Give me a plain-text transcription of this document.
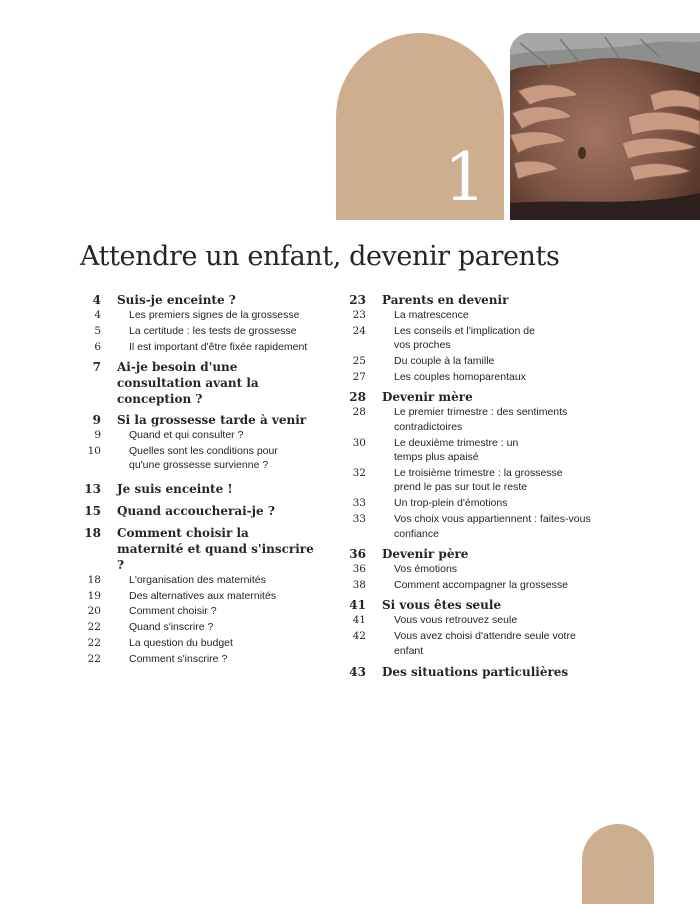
1
Attendre un enfant, devenir parents
4 Suis-je enceinte ?
4	Les premiers signes de la grossesse
5	La certitude : les tests de grossesse
6	Il est important d'être fixée rapidement
7 Ai-je besoin d'une consultation avant la conception ?
9 Si la grossesse tarde à venir
9	Quand et qui consulter ?
10	Quelles sont les conditions pour qu'une grossesse survienne ?
13 Je suis enceinte !
15 Quand accoucherai-je ?
18 Comment choisir la maternité et quand s'inscrire ?
18	L'organisation des maternités
19	Des alternatives aux maternités
20	Comment choisir ?
22	Quand s'inscrire ?
22	La question du budget
22	Comment s'inscrire ?
23 Parents en devenir
23	La matrescence
24	Les conseils et l'implication de vos proches
25	Du couple à la famille
27	Les couples homoparentaux
28 Devenir mère
28	Le premier trimestre : des sentiments contradictoires
30	Le deuxième trimestre : un temps plus apaisé
32	Le troisième trimestre : la grossesse prend le pas sur tout le reste
33	Un trop-plein d'émotions
33	Vos choix vous appartiennent : faites-vous confiance
36 Devenir père
36	Vos émotions
38	Comment accompagner la grossesse
41 Si vous êtes seule
41	Vous vous retrouvez seule
42	Vous avez choisi d'attendre seule votre enfant
43 Des situations particulières
